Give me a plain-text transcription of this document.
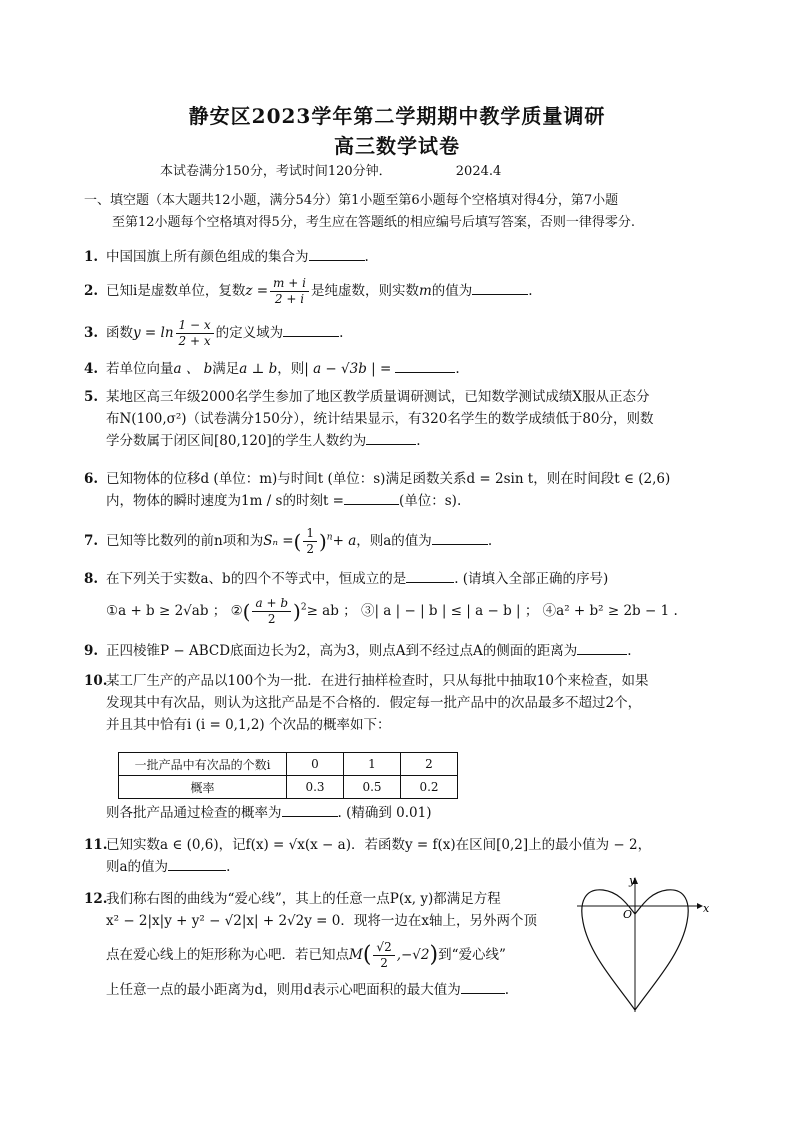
静安区2023学年第二学期期中教学质量调研
高三数学试卷
本试卷满分150分，考试时间120分钟．	2024.4
一、填空题（本大题共12小题，满分54分）第1小题至第6小题每个空格填对得4分，第7小题
至第12小题每个空格填对得5分，考生应在答题纸的相应编号后填写答案，否则一律得零分.
1. 中国国旗上所有颜色组成的集合为	.
2. 已知i是虚数单位，复数$z = \frac{m + i}{2 + i}$ 是纯虚数，则实数m的值为	.
3. 函数$y = \ln \frac{1 - x}{2 + x}$ 的定义域为	.
4. 若单位向量a 、 b满足a ⊥ b，则| a − √3b | =	.
5. 某地区高三年级2000名学生参加了地区教学质量调研测试，已知数学测试成绩X服从正态分
布N(100,σ²)（试卷满分150分），统计结果显示，有320名学生的数学成绩低于80分，则数
学分数属于闭区间[80,120]的学生人数约为	.
6. 已知物体的位移d (单位：m)与时间t (单位：s)满足函数关系d = 2sin t，则在时间段t ∈ (2,6)
内，物体的瞬时速度为1m / s的时刻t =	(单位：s).
7. 已知等比数列的前n项和为Sₙ =( $\frac{1}{2} )^n+ a$，则a的值为	.
8. 在下列关于实数a、b的四个不等式中，恒成立的是	. (请填入全部正确的序号)
①a + b ≥ 2√ab ； ②( $\frac{a + b}{2} )^2\ge$ ab ； ③| a | − | b | ≤ | a − b | ； ④a² + b² ≥ 2b − 1 .
9. 正四棱锥P − ABCD底面边长为2，高为3，则点A到不经过点A的侧面的距离为	.
10.某工厂生产的产品以100个为一批．在进行抽样检查时，只从每批中抽取10个来检查，如果
发现其中有次品，则认为这批产品是不合格的．假定每一批产品中的次品最多不超过2个，
并且其中恰有i (i = 0,1,2) 个次品的概率如下：
一批产品中有次品的个数i	0	1	2
概率	0.3	0.5	0.2
则各批产品通过检查的概率为	. (精确到 0.01)
11.已知实数a ∈ (0,6)，记f(x) = √x(x − a)．若函数y = f(x)在区间[0,2]上的最小值为 − 2，
则a的值为	.
12.我们称右图的曲线为“爱心线”，其上的任意一点P(x, y)都满足方程
x² − 2|x|y + y² − √2|x| + 2√2y = 0．现将一边在x轴上，另外两个顶
点在爱心线上的矩形称为心吧．若已知点$M( \frac{√2}{2} ,-√2)$到“爱心线”
上任意一点的最小距离为d，则用d表示心吧面积的最大值为	.
y
x
O
